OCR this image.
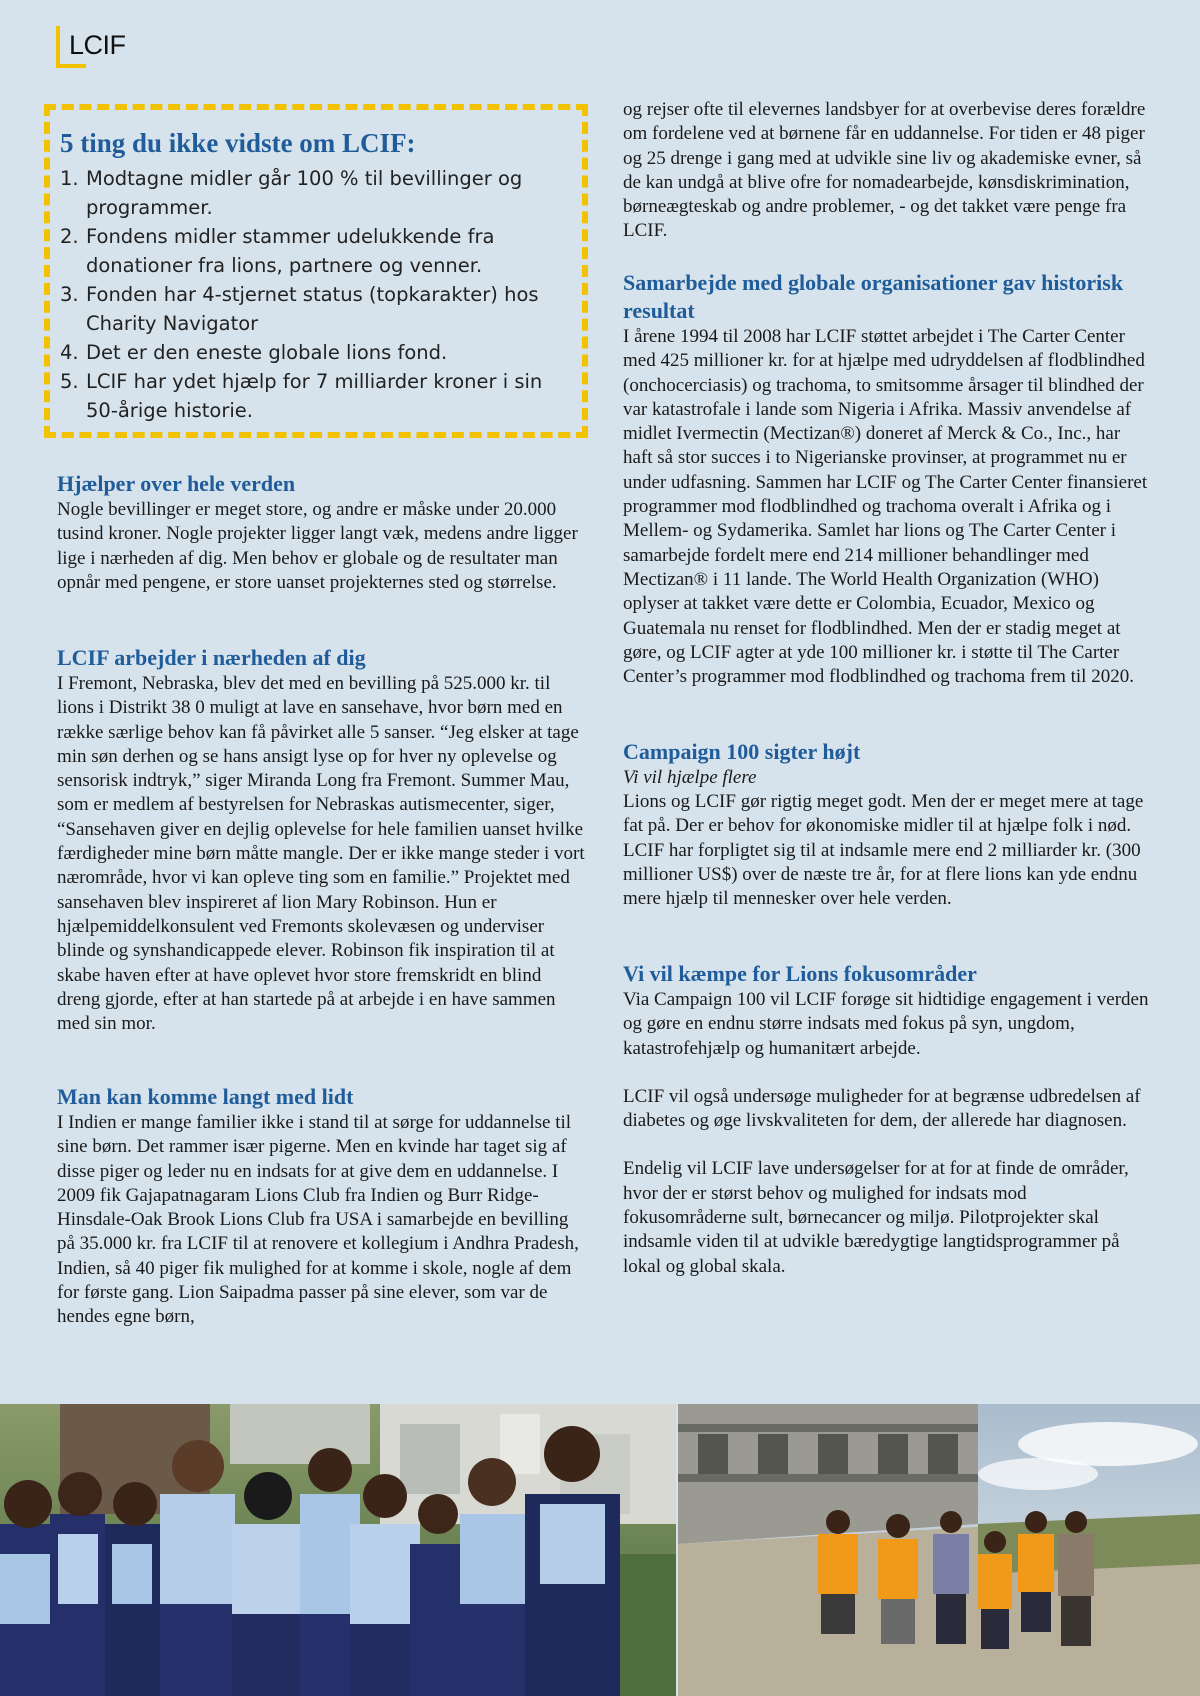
LCIF
5 ting du ikke vidste om LCIF:
1. Modtagne midler går 100 % til bevillinger og programmer.
2. Fondens midler stammer udelukkende fra donationer fra lions, partnere og venner.
3. Fonden har 4-stjernet status (topkarakter) hos Charity Navigator
4. Det er den eneste globale lions fond.
5. LCIF har ydet hjælp for 7 milliarder kroner i sin 50-årige historie.
Hjælper over hele verden

Nogle bevillinger er meget store, og andre er måske under 20.000 tusind kroner. Nogle projekter ligger langt væk, medens andre ligger lige i nærheden af dig. Men behov er globale og de resultater man opnår med pengene, er store uanset projekternes sted og størrelse.

LCIF arbejder i nærheden af dig

I Fremont, Nebraska, blev det med en bevilling på 525.000 kr. til lions i Distrikt 38 0 muligt at lave en sansehave, hvor børn med en række særlige behov kan få påvirket alle 5 sanser. “Jeg elsker at tage min søn derhen og se hans ansigt lyse op for hver ny oplevelse og sensorisk indtryk,” siger Miranda Long fra Fremont. Summer Mau, som er medlem af bestyrelsen for Nebraskas autismecenter, siger, “Sansehaven giver en dejlig oplevelse for hele familien uanset hvilke færdigheder mine børn måtte mangle. Der er ikke mange steder i vort nærområde, hvor vi kan opleve ting som en familie.” Projektet med sansehaven blev inspireret af lion Mary Robinson. Hun er hjælpemiddelkonsulent ved Fremonts skolevæsen og underviser blinde og synshandicappede elever. Robinson fik inspiration til at skabe haven efter at have oplevet hvor store fremskridt en blind dreng gjorde, efter at han startede på at arbejde i en have sammen med sin mor.

Man kan komme langt med lidt

I Indien er mange familier ikke i stand til at sørge for uddannelse til sine børn. Det rammer især pigerne. Men en kvinde har taget sig af disse piger og leder nu en indsats for at give dem en uddannelse. I 2009 fik Gajapatnagaram Lions Club fra Indien og Burr Ridge-Hinsdale-Oak Brook Lions Club fra USA i samarbejde en bevilling på 35.000 kr. fra LCIF til at renovere et kollegium i Andhra Pradesh, Indien, så 40 piger fik mulighed for at komme i skole, nogle af dem for første gang. Lion Saipadma passer på sine elever, som var de hendes egne børn,

og rejser ofte til elevernes landsbyer for at overbevise deres forældre om fordelene ved at børnene får en uddannelse. For tiden er 48 piger og 25 drenge i gang med at udvikle sine liv og akademiske evner, så de kan undgå at blive ofre for nomadearbejde, kønsdiskrimination, børneægteskab og andre problemer, - og det takket være penge fra LCIF.

Samarbejde med globale organisationer gav historisk resultat

I årene 1994 til 2008 har LCIF støttet arbejdet i The Carter Center med 425 millioner kr. for at hjælpe med udryddelsen af flodblindhed (onchocerciasis) og trachoma, to smitsomme årsager til blindhed der var katastrofale i lande som Nigeria i Afrika. Massiv anvendelse af midlet Ivermectin (Mectizan®) doneret af Merck & Co., Inc., har haft så stor succes i to Nigerianske provinser, at programmet nu er under udfasning. Sammen har LCIF og The Carter Center finansieret programmer mod flodblindhed og trachoma overalt i Afrika og i Mellem- og Sydamerika. Samlet har lions og The Carter Center i samarbejde fordelt mere end 214 millioner behandlinger med Mectizan® i 11 lande. The World Health Organization (WHO) oplyser at takket være dette er Colombia, Ecuador, Mexico og Guatemala nu renset for flodblindhed. Men der er stadig meget at gøre, og LCIF agter at yde 100 millioner kr. i støtte til The Carter Center’s programmer mod flodblindhed og trachoma frem til 2020.

Campaign 100 sigter højt
Vi vil hjælpe flere

Lions og LCIF gør rigtig meget godt. Men der er meget mere at tage fat på. Der er behov for økonomiske midler til at hjælpe folk i nød. LCIF har forpligtet sig til at indsamle mere end 2 milliarder kr. (300 millioner US$) over de næste tre år, for at flere lions kan yde endnu mere hjælp til mennesker over hele verden.

Vi vil kæmpe for Lions fokusområder

Via Campaign 100 vil LCIF forøge sit hidtidige engagement i verden og gøre en endnu større indsats med fokus på syn, ungdom, katastrofehjælp og humanitært arbejde.

LCIF vil også undersøge muligheder for at begrænse udbredelsen af diabetes og øge livskvaliteten for dem, der allerede har diagnosen.

Endelig vil LCIF lave undersøgelser for at for at finde de områder, hvor der er størst behov og mulighed for indsats mod fokusområderne sult, børnecancer og miljø. Pilotprojekter skal indsamle viden til at udvikle bæredygtige langtidsprogrammer på lokal og global skala.
